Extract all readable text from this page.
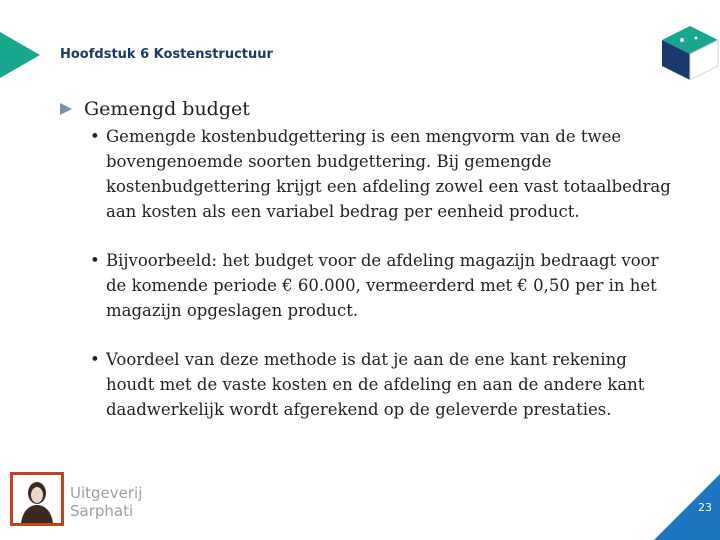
Hoofdstuk 6 Kostenstructuur
Gemengd budget
• Gemengde kostenbudgettering is een mengvorm van de twee bovengenoemde soorten budgettering. Bij gemengde kostenbudgettering krijgt een afdeling zowel een vast totaalbedrag aan kosten als een variabel bedrag per eenheid product.
• Bijvoorbeeld: het budget voor de afdeling magazijn bedraagt voor de komende periode € 60.000, vermeerderd met € 0,50 per in het magazijn opgeslagen product.
• Voordeel van deze methode is dat je aan de ene kant rekening houdt met de vaste kosten en de afdeling en aan de andere kant daadwerkelijk wordt afgerekend op de geleverde prestaties.
Uitgeverij
Sarphati	23
